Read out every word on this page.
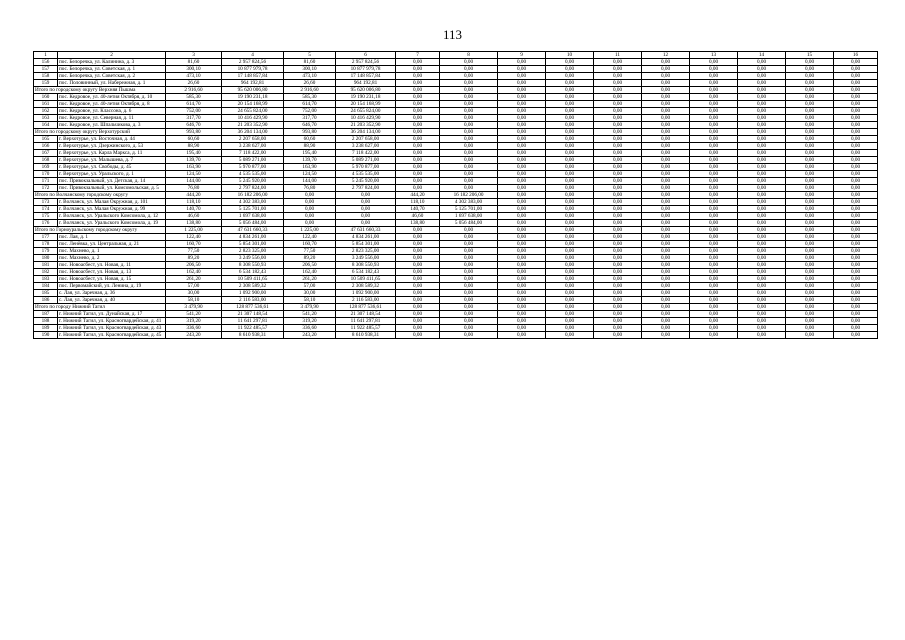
113
1	2	3	4	5	6	7	8	9	10	11	12	13	14	15	16
156	пос. Белоречка, ул. Калинина, д. 3	81,60	2 957 824,56	81,60	2 957 824,56	0,00	0,00	0,00	0,00	0,00	0,00	0,00	0,00	0,00	0,00
157	пос. Белоречка, ул. Советская, д. 1	300,10	10 877 979,78	300,10	10 877 979,78	0,00	0,00	0,00	0,00	0,00	0,00	0,00	0,00	0,00	0,00
158	пос. Белоречка, ул. Советская, д. 2	473,10	17 148 857,84	473,10	17 148 857,84	0,00	0,00	0,00	0,00	0,00	0,00	0,00	0,00	0,00	0,00
159	пос. Половинный, ул. Набережная, д. 1	26,60	964 192,81	26,60	964 192,81	0,00	0,00	0,00	0,00	0,00	0,00	0,00	0,00	0,00	0,00
Итого по городскому округу Верхняя Пышма		2 916,60	95 620 006,80	2 916,60	95 620 006,80	0,00	0,00	0,00	0,00	0,00	0,00	0,00	0,00	0,00	0,00
160	пос. Кедровое, ул. 40-летия Октября, д. 10	585,30	19 190 231,18	585,30	19 190 231,18	0,00	0,00	0,00	0,00	0,00	0,00	0,00	0,00	0,00	0,00
161	пос. Кедровое, ул. 40-летия Октября, д. 8	614,70	20 154 168,99	614,70	20 154 168,99	0,00	0,00	0,00	0,00	0,00	0,00	0,00	0,00	0,00	0,00
162	пос. Кедровое, ул. Классона, д. 6	752,00	24 655 824,00	752,00	24 655 824,00	0,00	0,00	0,00	0,00	0,00	0,00	0,00	0,00	0,00	0,00
163	пос. Кедровое, ул. Северная, д. 11	317,70	10 416 429,90	317,70	10 416 429,90	0,00	0,00	0,00	0,00	0,00	0,00	0,00	0,00	0,00	0,00
164	пос. Кедровое, ул. Шпальчикова, д. 3	646,70	21 203 352,90	646,70	21 203 352,90	0,00	0,00	0,00	0,00	0,00	0,00	0,00	0,00	0,00	0,00
Итого по городскому округу Верхотурский		993,80	36 204 134,00	993,80	36 204 134,00	0,00	0,00	0,00	0,00	0,00	0,00	0,00	0,00	0,00	0,00
165	г. Верхотурье, ул. Восточная, д. 44	60,60	2 207 658,00	60,60	2 207 658,00	0,00	0,00	0,00	0,00	0,00	0,00	0,00	0,00	0,00	0,00
166	г. Верхотурье, ул. Дзержинского, д. 53	88,90	3 238 627,00	88,90	3 238 627,00	0,00	0,00	0,00	0,00	0,00	0,00	0,00	0,00	0,00	0,00
167	г. Верхотурье, ул. Карла Маркса, д. 11	195,40	7 118 422,00	195,40	7 118 422,00	0,00	0,00	0,00	0,00	0,00	0,00	0,00	0,00	0,00	0,00
168	г. Верхотурье, ул. Малышева, д. 7	139,70	5 089 271,00	139,70	5 089 271,00	0,00	0,00	0,00	0,00	0,00	0,00	0,00	0,00	0,00	0,00
169	г. Верхотурье, ул. Свободы, д. 45	163,90	5 970 877,00	163,90	5 970 877,00	0,00	0,00	0,00	0,00	0,00	0,00	0,00	0,00	0,00	0,00
170	г. Верхотурье, ул. Уральского, д. 1	124,50	4 535 535,00	124,50	4 535 535,00	0,00	0,00	0,00	0,00	0,00	0,00	0,00	0,00	0,00	0,00
171	пос. Привокзальный, ул. Детская, д. 14	144,00	5 245 920,00	144,00	5 245 920,00	0,00	0,00	0,00	0,00	0,00	0,00	0,00	0,00	0,00	0,00
172	пос. Привокзальный, ул. Комсомольская, д. 5	76,80	2 797 824,00	76,80	2 797 824,00	0,00	0,00	0,00	0,00	0,00	0,00	0,00	0,00	0,00	0,00
Итого по Волчанскому городскому округу		444,20	16 182 206,00	0,00	0,00	444,20	16 182 206,00	0,00	0,00	0,00	0,00	0,00	0,00	0,00	0,00
173	г. Волчанск, ул. Малая Окружная, д. 101	118,10	4 302 383,00	0,00	0,00	118,10	4 302 383,00	0,00	0,00	0,00	0,00	0,00	0,00	0,00	0,00
174	г. Волчанск, ул. Малая Окружная, д. 99	140,70	5 125 701,00	0,00	0,00	140,70	5 125 701,00	0,00	0,00	0,00	0,00	0,00	0,00	0,00	0,00
175	г. Волчанск, ул. Уральского Комсомола, д. 12	46,60	1 697 638,00	0,00	0,00	46,60	1 697 638,00	0,00	0,00	0,00	0,00	0,00	0,00	0,00	0,00
176	г. Волчанск, ул. Уральского Комсомола, д. 19	138,80	5 056 484,00	0,00	0,00	138,80	5 056 484,00	0,00	0,00	0,00	0,00	0,00	0,00	0,00	0,00
Итого по Горноуральскому городскому округу		1 225,00	47 631 660,33	1 225,00	47 631 660,33	0,00	0,00	0,00	0,00	0,00	0,00	0,00	0,00	0,00	0,00
177	пос. Лая, д. 1	122,40	4 834 261,00	122,40	4 834 261,00	0,00	0,00	0,00	0,00	0,00	0,00	0,00	0,00	0,00	0,00
178	пос. Ленёвка, ул. Центральная, д. 21	160,70	5 854 301,00	160,70	5 854 301,00	0,00	0,00	0,00	0,00	0,00	0,00	0,00	0,00	0,00	0,00
179	пос. Махнево, д. 1	77,50	2 823 325,00	77,50	2 823 325,00	0,00	0,00	0,00	0,00	0,00	0,00	0,00	0,00	0,00	0,00
180	пос. Махнево, д. 2	89,20	3 249 556,00	89,20	3 249 556,00	0,00	0,00	0,00	0,00	0,00	0,00	0,00	0,00	0,00	0,00
181	пос. Новоасбест, ул. Новая, д. 11	206,50	8 308 550,93	206,50	8 308 550,93	0,00	0,00	0,00	0,00	0,00	0,00	0,00	0,00	0,00	0,00
182	пос. Новоасбест, ул. Новая, д. 13	162,40	6 534 182,43	162,40	6 534 182,43	0,00	0,00	0,00	0,00	0,00	0,00	0,00	0,00	0,00	0,00
183	пос. Новоасбест, ул. Новая, д. 15	261,20	10 509 411,65	261,20	10 509 411,65	0,00	0,00	0,00	0,00	0,00	0,00	0,00	0,00	0,00	0,00
184	пос. Первомайский, ул. Ленина, д. 19	57,00	2 308 589,32	57,00	2 308 589,32	0,00	0,00	0,00	0,00	0,00	0,00	0,00	0,00	0,00	0,00
185	с. Лая, ул. Заречная, д. 36	30,00	1 092 900,00	30,00	1 092 900,00	0,00	0,00	0,00	0,00	0,00	0,00	0,00	0,00	0,00	0,00
186	с. Лая, ул. Заречная, д. 40	58,10	2 116 583,00	58,10	2 116 583,00	0,00	0,00	0,00	0,00	0,00	0,00	0,00	0,00	0,00	0,00
Итого по городу Нижний Тагил		3 479,90	128 877 536,61	3 479,90	128 877 536,61	0,00	0,00	0,00	0,00	0,00	0,00	0,00	0,00	0,00	0,00
187	г. Нижний Тагил, ул. Дунайская, д. 17	541,20	21 307 148,54	541,20	21 307 148,54	0,00	0,00	0,00	0,00	0,00	0,00	0,00	0,00	0,00	0,00
188	г. Нижний Тагил, ул. Красногвардейская, д. 41	319,20	11 641 297,81	319,20	11 641 297,81	0,00	0,00	0,00	0,00	0,00	0,00	0,00	0,00	0,00	0,00
189	г. Нижний Тагил, ул. Красногвардейская, д. 43	336,60	11 922 485,57	336,60	11 922 485,57	0,00	0,00	0,00	0,00	0,00	0,00	0,00	0,00	0,00	0,00
190	г. Нижний Тагил, ул. Красногвардейская, д. 45	243,20	8 610 938,31	243,20	8 610 938,31	0,00	0,00	0,00	0,00	0,00	0,00	0,00	0,00	0,00	0,00
